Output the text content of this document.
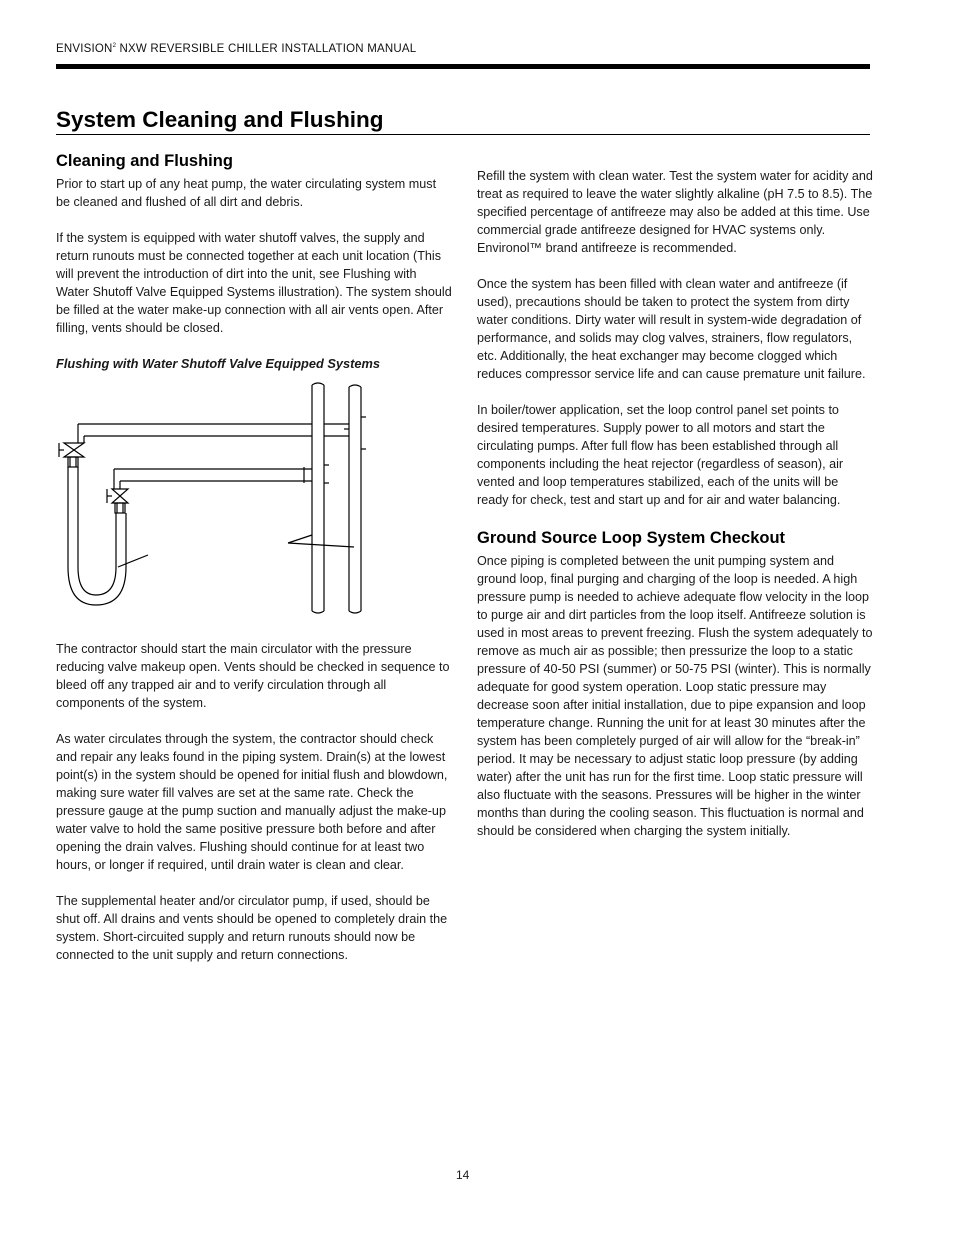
ENVISION$^2$ NXW REVERSIBLE CHILLER INSTALLATION MANUAL
System Cleaning and Flushing
Cleaning and Flushing

Prior to start up of any heat pump, the water circulating system must be cleaned and flushed of all dirt and debris.

If the system is equipped with water shutoff valves, the supply and return runouts must be connected together at each unit location (This will prevent the introduction of dirt into the unit, see Flushing with Water Shutoff Valve Equipped Systems illustration). The system should be filled at the water make-up connection with all air vents open. After filling, vents should be closed.

Flushing with Water Shutoff Valve Equipped Systems

The contractor should start the main circulator with the pressure reducing valve makeup open. Vents should be checked in sequence to bleed off any trapped air and to verify circulation through all components of the system.

As water circulates through the system, the contractor should check and repair any leaks found in the piping system. Drain(s) at the lowest point(s) in the system should be opened for initial flush and blowdown, making sure water fill valves are set at the same rate. Check the pressure gauge at the pump suction and manually adjust the make-up water valve to hold the same positive pressure both before and after opening the drain valves. Flushing should continue for at least two hours, or longer if required, until drain water is clean and clear.

The supplemental heater and/or circulator pump, if used, should be shut off. All drains and vents should be opened to completely drain the system. Short-circuited supply and return runouts should now be connected to the unit supply and return connections.

Refill the system with clean water. Test the system water for acidity and treat as required to leave the water slightly alkaline (pH 7.5 to 8.5). The specified percentage of antifreeze may also be added at this time. Use commercial grade antifreeze designed for HVAC systems only. Environol™ brand antifreeze is recommended.

Once the system has been filled with clean water and antifreeze (if used), precautions should be taken to protect the system from dirty water conditions. Dirty water will result in system-wide degradation of performance, and solids may clog valves, strainers, flow regulators, etc. Additionally, the heat exchanger may become clogged which reduces compressor service life and can cause premature unit failure.

In boiler/tower application, set the loop control panel set points to desired temperatures. Supply power to all motors and start the circulating pumps. After full flow has been established through all components including the heat rejector (regardless of season), air vented and loop temperatures stabilized, each of the units will be ready for check, test and start up and for air and water balancing.

Ground Source Loop System Checkout

Once piping is completed between the unit pumping system and ground loop, final purging and charging of the loop is needed. A high pressure pump is needed to achieve adequate flow velocity in the loop to purge air and dirt particles from the loop itself. Antifreeze solution is used in most areas to prevent freezing. Flush the system adequately to remove as much air as possible; then pressurize the loop to a static pressure of 40-50 PSI (summer) or 50-75 PSI (winter). This is normally adequate for good system operation. Loop static pressure may decrease soon after initial installation, due to pipe expansion and loop temperature change. Running the unit for at least 30 minutes after the system has been completely purged of air will allow for the “break-in” period. It may be necessary to adjust static loop pressure (by adding water) after the unit has run for the first time. Loop static pressure will also fluctuate with the seasons. Pressures will be higher in the winter months than during the cooling season. This fluctuation is normal and should be considered when charging the system initially.

14
